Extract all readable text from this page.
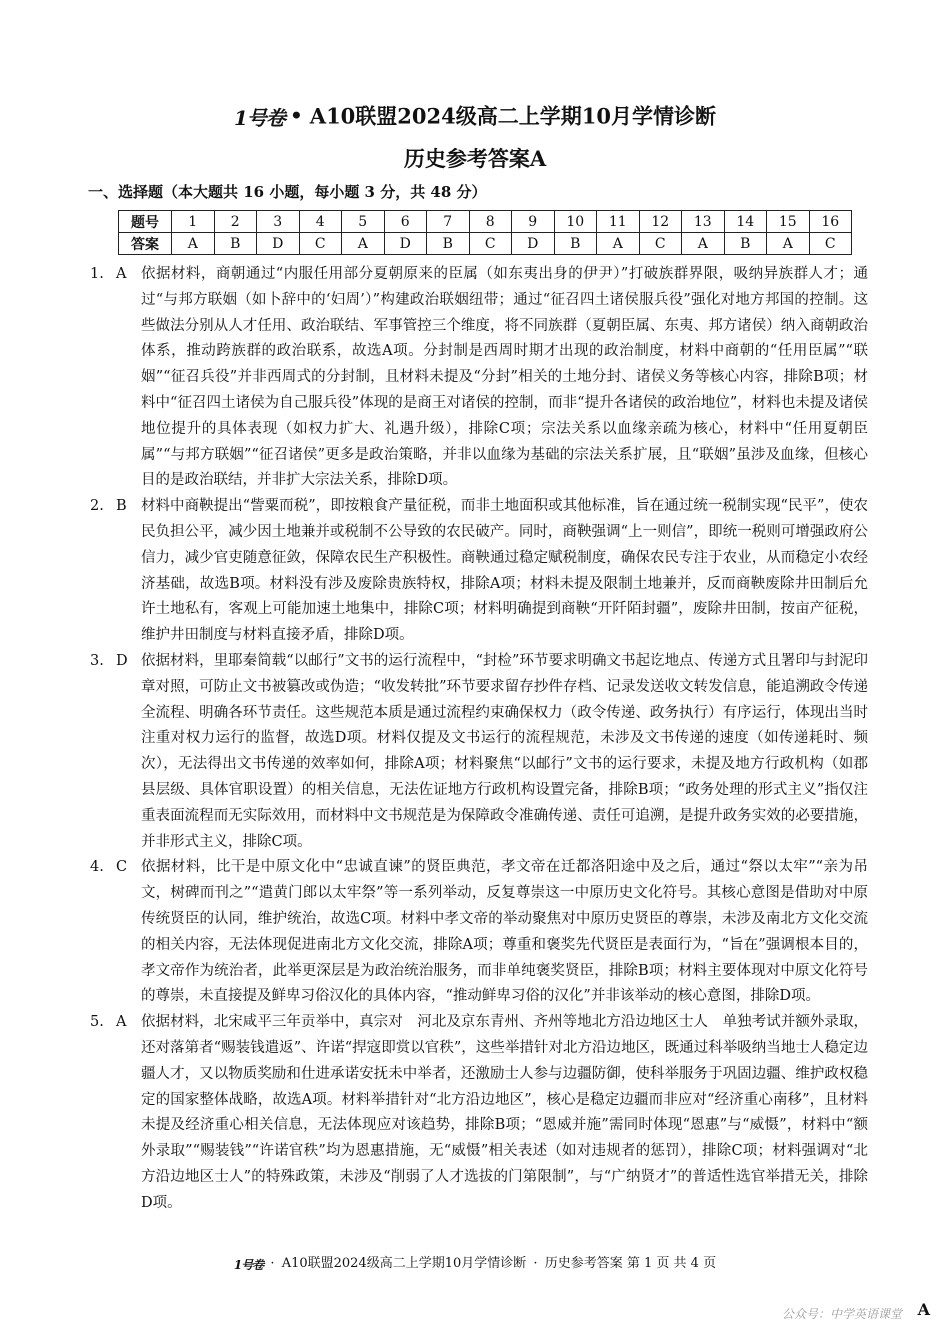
1号卷 • A10联盟2024级高二上学期10月学情诊断
历史参考答案A
一、选择题（本大题共 16 小题，每小题 3 分，共 48 分）
题号	1	2	3	4	5	6	7	8	9	10	11	12	13	14	15	16
答案	A	B	D	C	A	D	B	C	D	B	A	C	A	B	A	C
1. A	依据材料，商朝通过“内服任用部分夏朝原来的臣属（如东夷出身的伊尹）”打破族群界限，吸纳异族群人才；通过“与邦方联姻（如卜辞中的‘妇周’）”构建政治联姻纽带；通过“征召四土诸侯服兵役”强化对地方邦国的控制。这些做法分别从人才任用、政治联结、军事管控三个维度，将不同族群（夏朝臣属、东夷、邦方诸侯）纳入商朝政治体系，推动跨族群的政治联系，故选A项。分封制是西周时期才出现的政治制度，材料中商朝的“任用臣属”“联姻”“征召兵役”并非西周式的分封制，且材料未提及“分封”相关的土地分封、诸侯义务等核心内容，排除B项；材料中“征召四土诸侯为自己服兵役”体现的是商王对诸侯的控制，而非“提升各诸侯的政治地位”，材料也未提及诸侯地位提升的具体表现（如权力扩大、礼遇升级），排除C项；宗法关系以血缘亲疏为核心，材料中“任用夏朝臣属”“与邦方联姻”“征召诸侯”更多是政治策略，并非以血缘为基础的宗法关系扩展，且“联姻”虽涉及血缘，但核心目的是政治联结，并非扩大宗法关系，排除D项。
2. B 材料中商鞅提出“訾粟而税”，即按粮食产量征税，而非土地面积或其他标准，旨在通过统一税制实现“民平”，使农民负担公平，减少因土地兼并或税制不公导致的农民破产。同时，商鞅强调“上一则信”，即统一税则可增强政府公信力，减少官吏随意征敛，保障农民生产积极性。商鞅通过稳定赋税制度，确保农民专注于农业，从而稳定小农经济基础，故选B项。材料没有涉及废除贵族特权，排除A项；材料未提及限制土地兼并，反而商鞅废除井田制后允许土地私有，客观上可能加速土地集中，排除C项；材料明确提到商鞅“开阡陌封疆”，废除井田制，按亩产征税，维护井田制度与材料直接矛盾，排除D项。
3. D 依据材料，里耶秦简载“以邮行”文书的运行流程中，“封检”环节要求明确文书起讫地点、传递方式且署印与封泥印章对照，可防止文书被篡改或伪造；“收发转批”环节要求留存抄件存档、记录发送收文转发信息，能追溯政令传递全流程、明确各环节责任。这些规范本质是通过流程约束确保权力（政令传递、政务执行）有序运行，体现出当时注重对权力运行的监督，故选D项。材料仅提及文书运行的流程规范，未涉及文书传递的速度（如传递耗时、频次），无法得出文书传递的效率如何，排除A项；材料聚焦“以邮行”文书的运行要求，未提及地方行政机构（如郡县层级、具体官职设置）的相关信息，无法佐证地方行政机构设置完备，排除B项；“政务处理的形式主义”指仅注重表面流程而无实际效用，而材料中文书规范是为保障政令准确传递、责任可追溯，是提升政务实效的必要措施，并非形式主义，排除C项。
4. C 依据材料，比干是中原文化中“忠诚直谏”的贤臣典范，孝文帝在迁都洛阳途中及之后，通过“祭以太牢”“亲为吊文，树碑而刊之”“遣黄门郎以太牢祭”等一系列举动，反复尊崇这一中原历史文化符号。其核心意图是借助对中原传统贤臣的认同，维护统治，故选C项。材料中孝文帝的举动聚焦对中原历史贤臣的尊崇，未涉及南北方文化交流的相关内容，无法体现促进南北方文化交流，排除A项；尊重和褒奖先代贤臣是表面行为，“旨在”强调根本目的，孝文帝作为统治者，此举更深层是为政治统治服务，而非单纯褒奖贤臣，排除B项；材料主要体现对中原文化符号的尊崇，未直接提及鲜卑习俗汉化的具体内容，“推动鲜卑习俗的汉化”并非该举动的核心意图，排除D项。
5. A	依据材料，北宋咸平三年贡举中，真宗对　河北及京东青州、齐州等地北方沿边地区士人　单独考试并额外录取，还对落第者“赐装钱遣返”、许诺“捍寇即赏以官秩”，这些举措针对北方沿边地区，既通过科举吸纳当地士人稳定边疆人才，又以物质奖励和仕进承诺安抚未中举者，还激励士人参与边疆防御，使科举服务于巩固边疆、维护政权稳定的国家整体战略，故选A项。材料举措针对“北方沿边地区”，核心是稳定边疆而非应对“经济重心南移”，且材料未提及经济重心相关信息，无法体现应对该趋势，排除B项；“恩威并施”需同时体现“恩惠”与“威慑”，材料中“额外录取”“赐装钱”“许诺官秩”均为恩惠措施，无“威慑”相关表述（如对违规者的惩罚），排除C项；材料强调对“北方沿边地区士人”的特殊政策，未涉及“削弱了人才选拔的门第限制”，与“广纳贤才”的普适性选官举措无关，排除D项。
1号卷 · A10联盟2024级高二上学期10月学情诊断 · 历史参考答案 第 1 页 共 4 页
公众号：中学英语课堂 A
